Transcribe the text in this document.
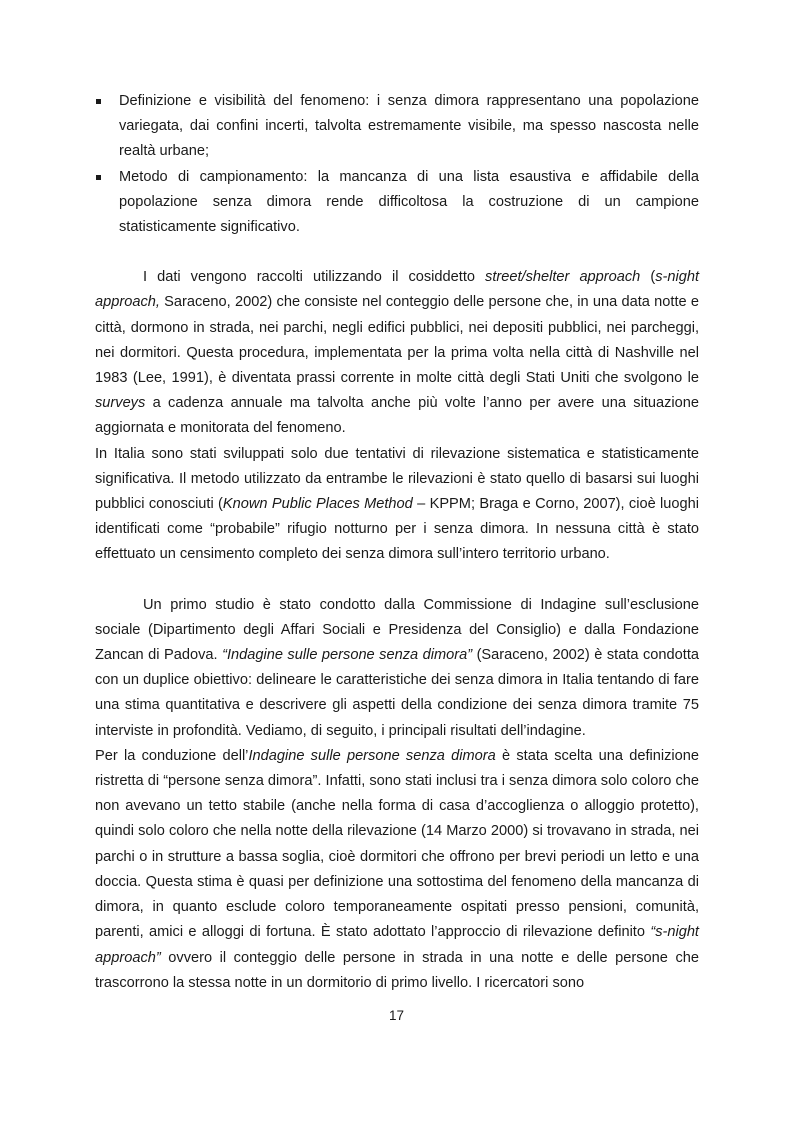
Definizione e visibilità del fenomeno: i senza dimora rappresentano una popolazione variegata, dai confini incerti, talvolta estremamente visibile, ma spesso nascosta nelle realtà urbane;
Metodo di campionamento: la mancanza di una lista esaustiva e affidabile della popolazione senza dimora rende difficoltosa la costruzione di un campione statisticamente significativo.

I dati vengono raccolti utilizzando il cosiddetto street/shelter approach (s-night approach, Saraceno, 2002) che consiste nel conteggio delle persone che, in una data notte e città, dormono in strada, nei parchi, negli edifici pubblici, nei depositi pubblici, nei parcheggi, nei dormitori. Questa procedura, implementata per la prima volta nella città di Nashville nel 1983 (Lee, 1991), è diventata prassi corrente in molte città degli Stati Uniti che svolgono le surveys a cadenza annuale ma talvolta anche più volte l’anno per avere una situazione aggiornata e monitorata del fenomeno.

In Italia sono stati sviluppati solo due tentativi di rilevazione sistematica e statisticamente significativa. Il metodo utilizzato da entrambe le rilevazioni è stato quello di basarsi sui luoghi pubblici conosciuti (Known Public Places Method – KPPM; Braga e Corno, 2007), cioè luoghi identificati come “probabile” rifugio notturno per i senza dimora. In nessuna città è stato effettuato un censimento completo dei senza dimora sull’intero territorio urbano.

Un primo studio è stato condotto dalla Commissione di Indagine sull’esclusione sociale (Dipartimento degli Affari Sociali e Presidenza del Consiglio) e dalla Fondazione Zancan di Padova. “Indagine sulle persone senza dimora” (Saraceno, 2002) è stata condotta con un duplice obiettivo: delineare le caratteristiche dei senza dimora in Italia tentando di fare una stima quantitativa e descrivere gli aspetti della condizione dei senza dimora tramite 75 interviste in profondità. Vediamo, di seguito, i principali risultati dell’indagine.

Per la conduzione dell’Indagine sulle persone senza dimora è stata scelta una definizione ristretta di “persone senza dimora”. Infatti, sono stati inclusi tra i senza dimora solo coloro che non avevano un tetto stabile (anche nella forma di casa d’accoglienza o alloggio protetto), quindi solo coloro che nella notte della rilevazione (14 Marzo 2000) si trovavano in strada, nei parchi o in strutture a bassa soglia, cioè dormitori che offrono per brevi periodi un letto e una doccia. Questa stima è quasi per definizione una sottostima del fenomeno della mancanza di dimora, in quanto esclude coloro temporaneamente ospitati presso pensioni, comunità, parenti, amici e alloggi di fortuna. È stato adottato l’approccio di rilevazione definito “s-night approach” ovvero il conteggio delle persone in strada in una notte e delle persone che trascorrono la stessa notte in un dormitorio di primo livello. I ricercatori sono

17
